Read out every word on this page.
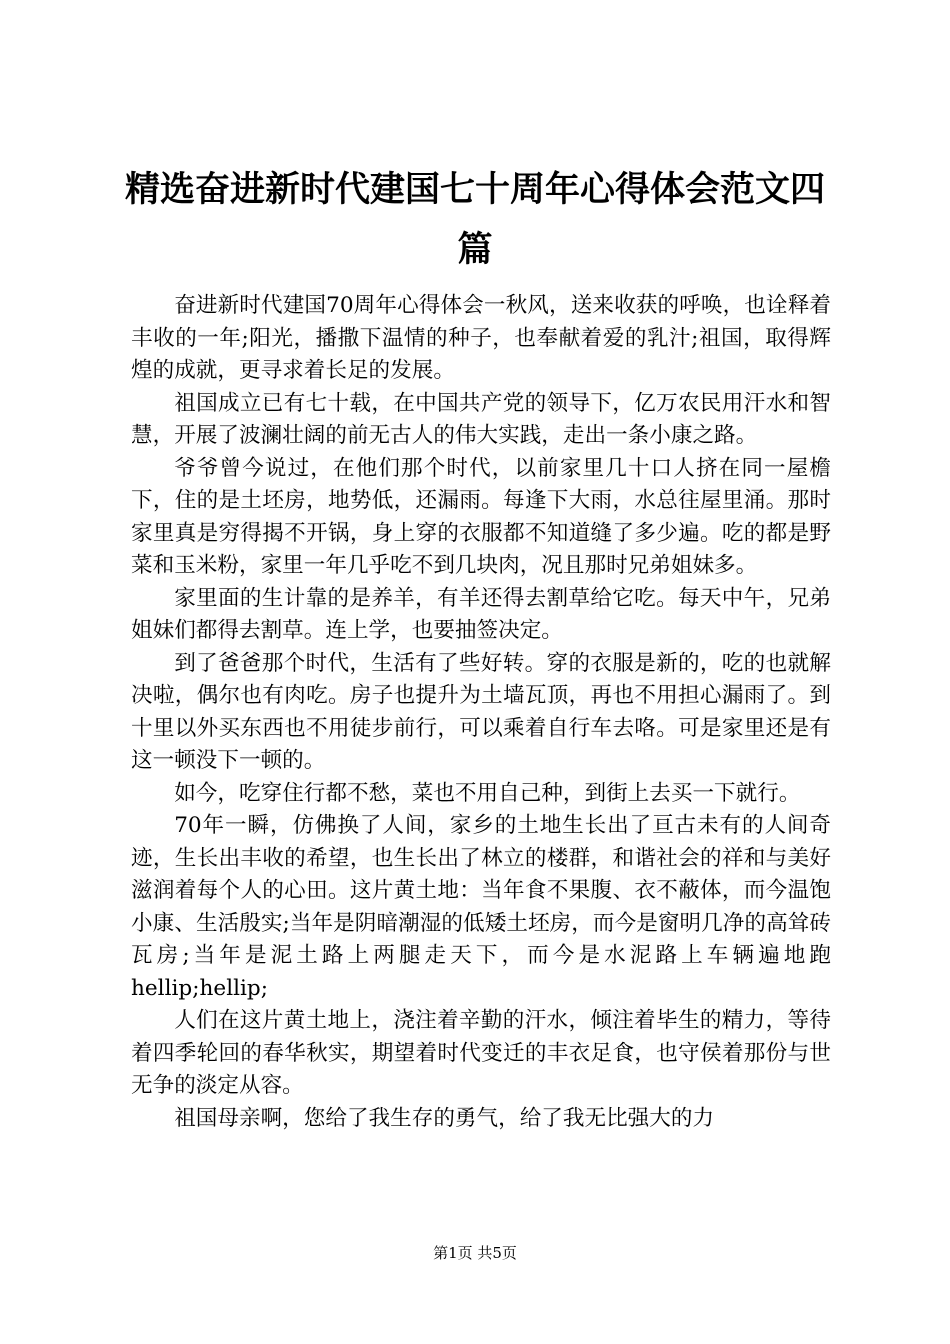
精选奋进新时代建国七十周年心得体会范文四篇

奋进新时代建国70周年心得体会一秋风，送来收获的呼唤，也诠释着丰收的一年;阳光，播撒下温情的种子，也奉献着爱的乳汁;祖国，取得辉煌的成就，更寻求着长足的发展。

祖国成立已有七十载，在中国共产党的领导下，亿万农民用汗水和智慧，开展了波澜壮阔的前无古人的伟大实践，走出一条小康之路。

爷爷曾今说过，在他们那个时代，以前家里几十口人挤在同一屋檐下，住的是土坯房，地势低，还漏雨。每逢下大雨，水总往屋里涌。那时家里真是穷得揭不开锅，身上穿的衣服都不知道缝了多少遍。吃的都是野菜和玉米粉，家里一年几乎吃不到几块肉，况且那时兄弟姐妹多。

家里面的生计靠的是养羊，有羊还得去割草给它吃。每天中午，兄弟姐妹们都得去割草。连上学，也要抽签决定。

到了爸爸那个时代，生活有了些好转。穿的衣服是新的，吃的也就解决啦，偶尔也有肉吃。房子也提升为土墙瓦顶，再也不用担心漏雨了。到十里以外买东西也不用徒步前行，可以乘着自行车去咯。可是家里还是有这一顿没下一顿的。

如今，吃穿住行都不愁，菜也不用自己种，到街上去买一下就行。

70年一瞬，仿佛换了人间，家乡的土地生长出了亘古未有的人间奇迹，生长出丰收的希望，也生长出了林立的楼群，和谐社会的祥和与美好滋润着每个人的心田。这片黄土地：当年食不果腹、衣不蔽体，而今温饱小康、生活殷实;当年是阴暗潮湿的低矮土坯房，而今是窗明几净的高耸砖瓦房;当年是泥土路上两腿走天下，而今是水泥路上车辆遍地跑hellip;hellip;

人们在这片黄土地上，浇注着辛勤的汗水，倾注着毕生的精力，等待着四季轮回的春华秋实，期望着时代变迁的丰衣足食，也守侯着那份与世无争的淡定从容。

祖国母亲啊，您给了我生存的勇气，给了我无比强大的力

第1页 共5页
